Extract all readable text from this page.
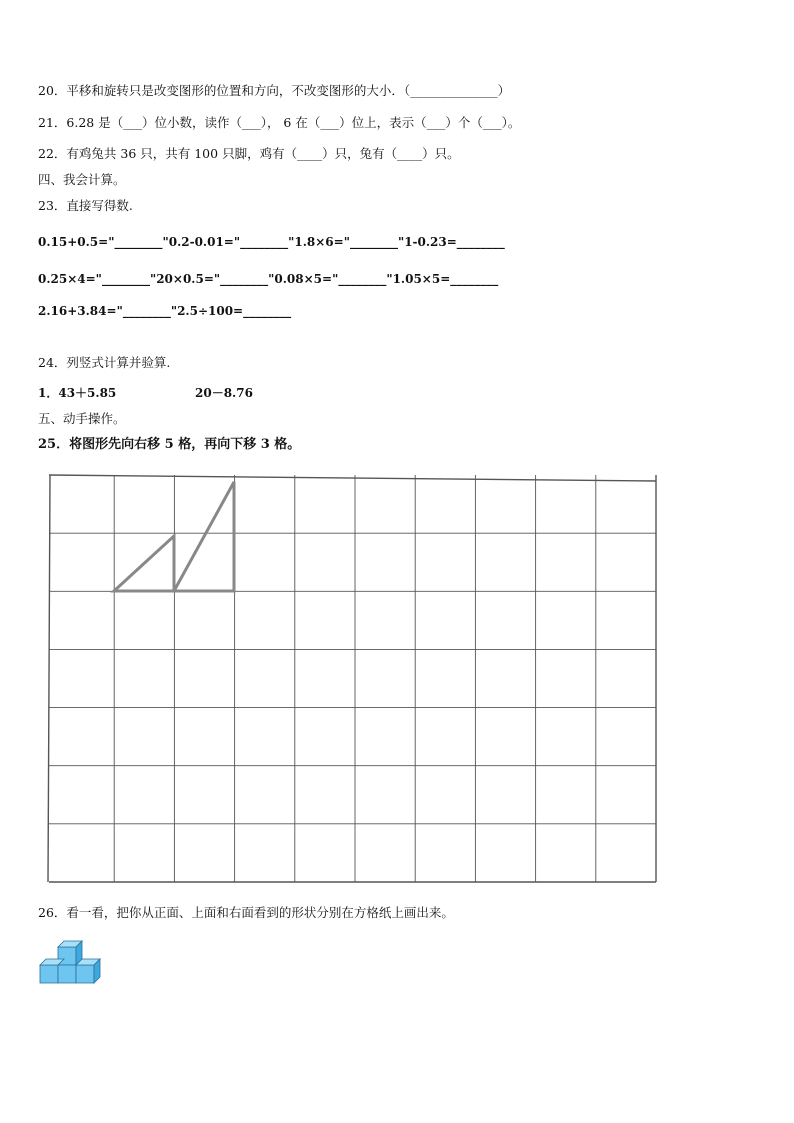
20．平移和旋转只是改变图形的位置和方向，不改变图形的大小．（______________）
21．6.28 是（___）位小数，读作（___）， 6 在（___）位上，表示（___）个（___）。
22．有鸡兔共 36 只，共有 100 只脚，鸡有（____）只，兔有（____）只。
四、我会计算。
23．直接写得数.
0.15+0.5="________"0.2-0.01="________"1.8×6="________"1-0.23=________
0.25×4="________"20×0.5="________"0.08×5="________"1.05×5=________
2.16+3.84="________"2.5÷100=________
24．列竖式计算并验算.
1．43＋5.85	20－8.76
五、动手操作。
25．将图形先向右移 5 格，再向下移 3 格。
26．看一看，把你从正面、上面和右面看到的形状分别在方格纸上画出来。
